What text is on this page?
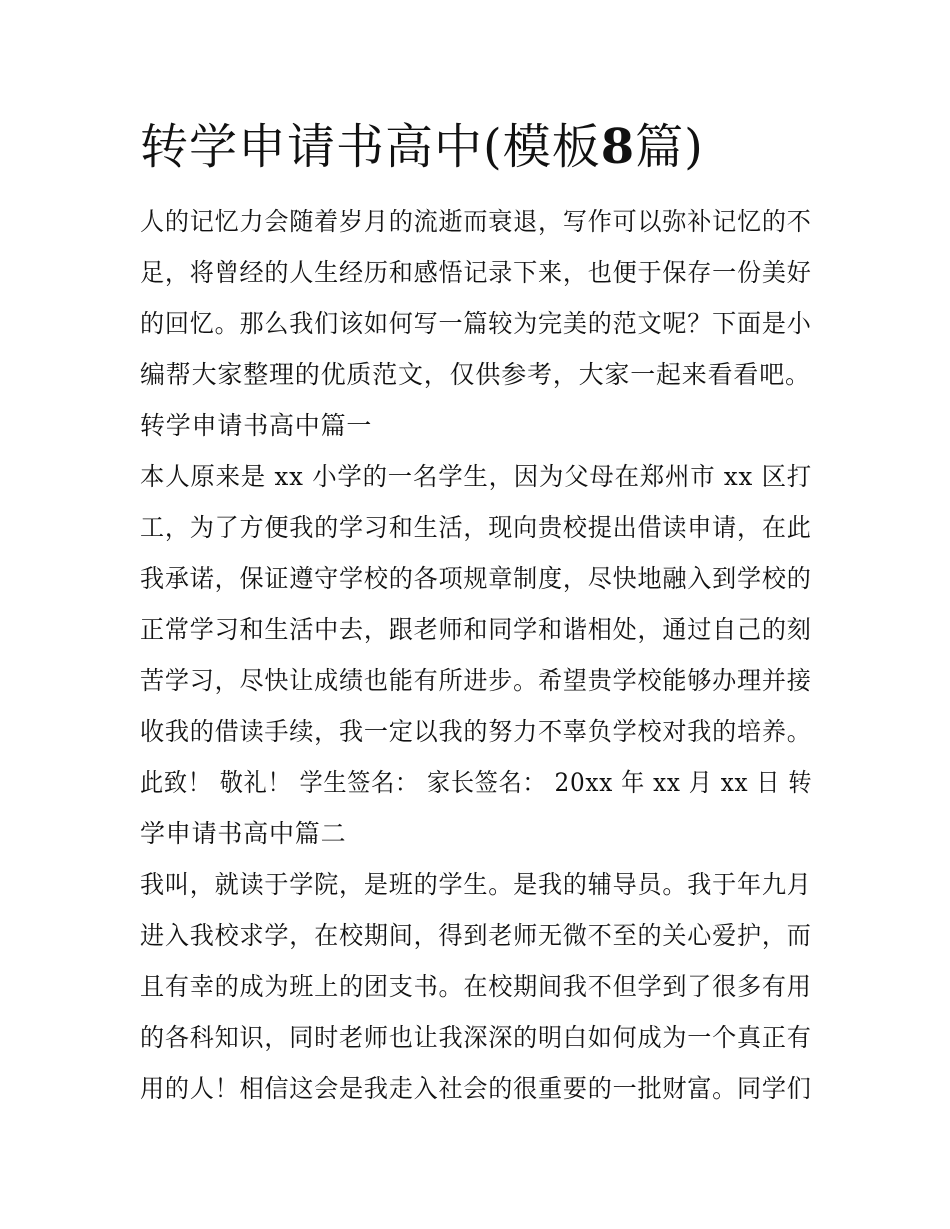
转学申请书高中(模板8篇)
人的记忆力会随着岁月的流逝而衰退，写作可以弥补记忆的不
足，将曾经的人生经历和感悟记录下来，也便于保存一份美好
的回忆。那么我们该如何写一篇较为完美的范文呢？下面是小
编帮大家整理的优质范文，仅供参考，大家一起来看看吧。
转学申请书高中篇一
本人原来是 xx 小学的一名学生，因为父母在郑州市 xx 区打
工，为了方便我的学习和生活，现向贵校提出借读申请，在此
我承诺，保证遵守学校的各项规章制度，尽快地融入到学校的
正常学习和生活中去，跟老师和同学和谐相处，通过自己的刻
苦学习，尽快让成绩也能有所进步。希望贵学校能够办理并接
收我的借读手续，我一定以我的努力不辜负学校对我的培养。
此致！ 敬礼！ 学生签名： 家长签名： 20xx 年 xx 月 xx 日 转
学申请书高中篇二
我叫，就读于学院，是班的学生。是我的辅导员。我于年九月
进入我校求学，在校期间，得到老师无微不至的关心爱护，而
且有幸的成为班上的团支书。在校期间我不但学到了很多有用
的各科知识，同时老师也让我深深的明白如何成为一个真正有
用的人！相信这会是我走入社会的很重要的一批财富。同学们
